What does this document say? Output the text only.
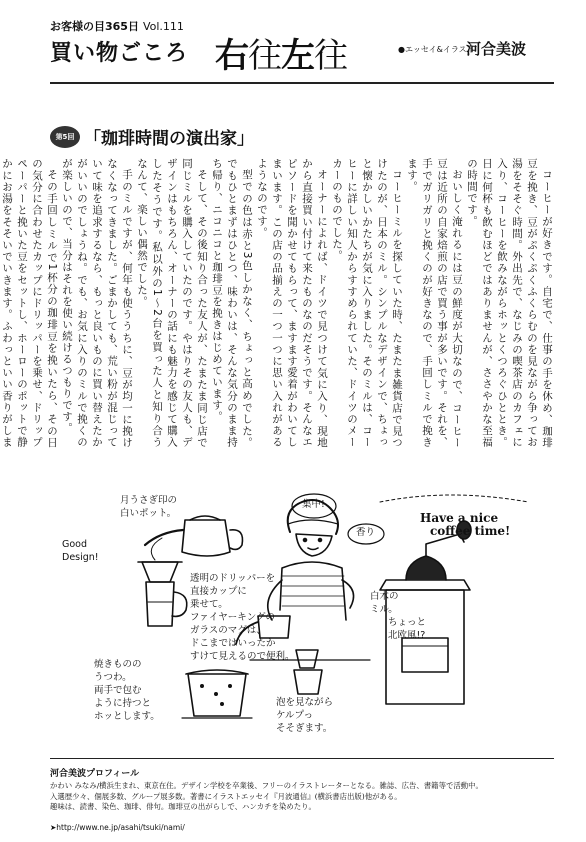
お客様の目365日 Vol.111
買い物ごころ 右往左往	●エッセイ&イラスト
河合美波
第5回 「珈琲時間の演出家」

コーヒーが好きです。自宅で、仕事の手を休め、珈琲豆を挽き、豆がぷくぷくふくらむのを見ながら争ってお湯をそそぐ時間。外出先で、なじみの喫茶店のカフェに入り、コーヒーを飲みながらホッとくつろぐひととき。日に何杯も飲むほどではありませんが、ささやかな至福の時間です。

おいしく淹れるには豆の鮮度が大切なので、コーヒー豆は近所の自家焙煎の店で買う事が多いです。それを、手でガリガリと挽くのが好きなので、手回しミルで挽きます。

コーヒーミルを探していた時、たまたま雑貨店で見つけたのが、日本のミル。シンプルなデザインで、ちょっと懐かしいかたちが気に入りました。そのミルは、コーヒーに詳しい知人からすすめられていた、ドイツのメーカーのものでした。

オーナーによれば、ドイツで見つけて気に入り、現地から直接買い付けて来たものなのだそうです。そんなエピソードを聞かせてもらって、ますます愛着がわいてしまいます。この店の品揃えの一つ一つに思い入れがあるようなのです。

型での色は赤と3色しかなく、ちょっと高めでした。でもひとまずはひとつ、味わいは、そんな気分のまま持ち帰り、ニコニコと珈琲豆を挽きはじめています。

そして、その後知り合った友人が、たまたま同じ店で同じミルを購入していたのです。やはりその友人も、デザインはもちろん、オーナーの話にも魅力を感じて購入したそうです。私以外の1〜2台を買った人と知り合うなんて、楽しい偶然でした。

手のミルですが、何年も使ううちに、豆が均一に挽けなくなってきました。ごまかしても、荒い粉が混じっていて味を追求するなら、もっと良いものに買い替えたかがいいのでしょうね。でも、お気に入りのミルで挽くのが楽しいので、当分はそれを使い続けるつもりです。

その手回しミルで1杯分の珈琲豆を挽いたら、その日の気分に合わせたカップにドリッパーを乗せ、ドリップペーパーと挽いた豆をセットし、ホーローのポットで静かにお湯をそそいでいきます。ふわっといい香りがしま

月うさぎ印の
白いポット。
Good
Design!
集中!
香り
Have a nice
coffee time!
透明のドリッパーを
直接カップに
乗せて。
ファイヤーキングの
ガラスのマグは、
ドこまではいったか
すけて見えるので便利。
白木の
ミル。
ちょっと
北欧風!?
焼きものの
うつわ。
両手で包む
ように持つと
ホッとします。
泡を見ながら
ケルプっ
そそぎます。
河合美波プロフィール
かわい みなみ/横浜生まれ、東京在住。デザイン学校を卒業後、フリーのイラストレーターとなる。雑誌、広告、書籍等で活動中。
入選歴少々、個展多数、グループ展多数。著書にイラストエッセイ『月波通信』(横浜書店出版)他がある。
趣味は、読書、染色、珈琲、俳句。珈琲豆の出がらしで、ハンカチを染めたり。
➤http://www.ne.jp/asahi/tsuki/nami/
